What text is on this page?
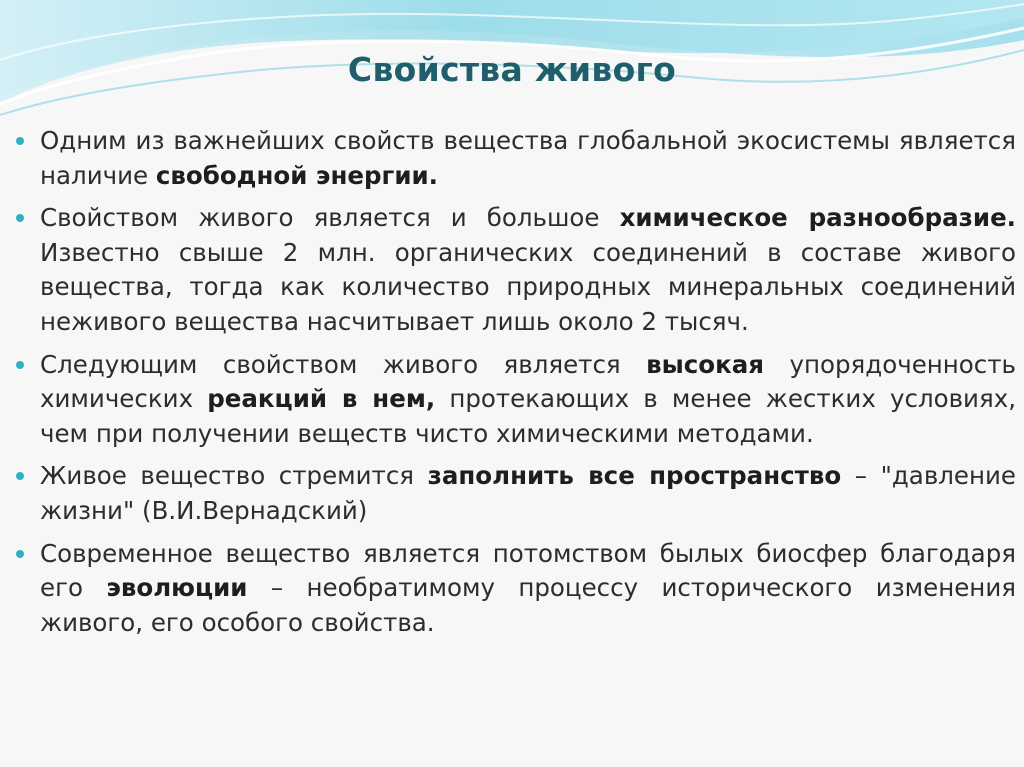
Свойства живого
Одним из важнейших свойств вещества глобальной экосистемы является наличие свободной энергии.
Свойством живого является и большое химическое разнообразие. Известно свыше 2 млн. органических соединений в составе живого вещества, тогда как количество природных минеральных соединений неживого вещества насчитывает лишь около 2 тысяч.
Следующим свойством живого является высокая упорядоченность химических реакций в нем, протекающих в менее жестких условиях, чем при получении веществ чисто химическими методами.
Живое вещество стремится заполнить все пространство – "давление жизни" (В.И.Вернадский)
Современное вещество является потомством былых биосфер благодаря его эволюции – необратимому процессу исторического изменения живого, его особого свойства.
